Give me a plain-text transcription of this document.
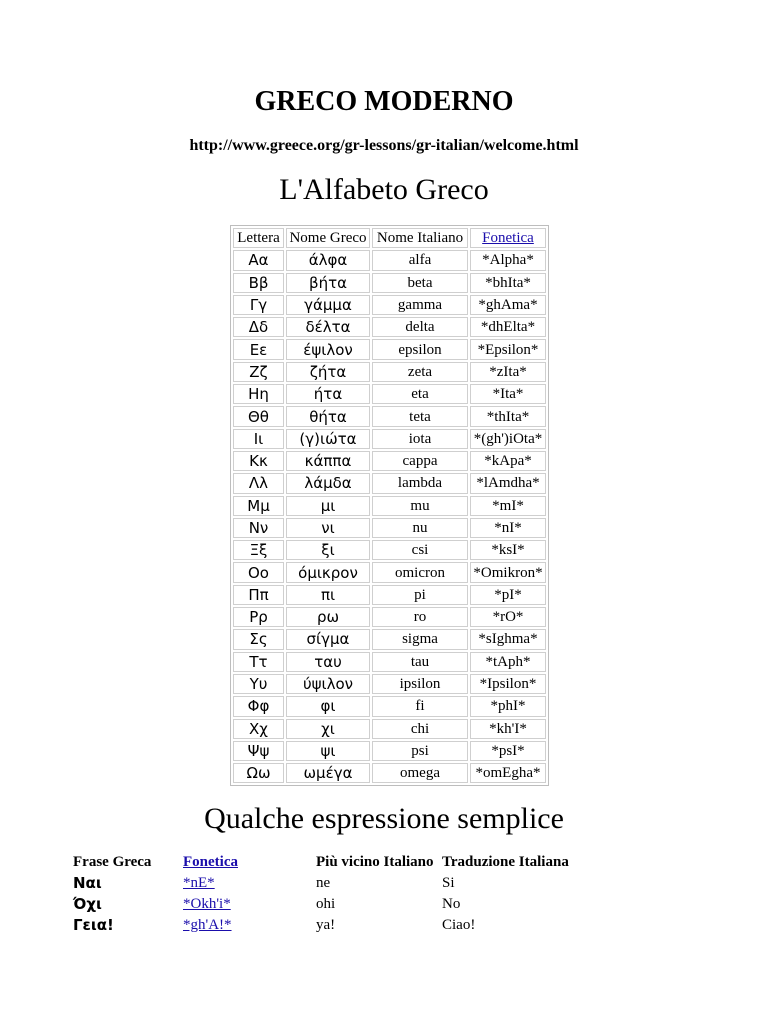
GRECO MODERNO
http://www.greece.org/gr-lessons/gr-italian/welcome.html
L'Alfabeto Greco
Lettera	Nome Greco	Nome Italiano	Fonetica
Αα	άλφα	alfa	*Alpha*
Ββ	βήτα	beta	*bhIta*
Γγ	γάμμα	gamma	*ghAma*
Δδ	δέλτα	delta	*dhElta*
Εε	έψιλον	epsilon	*Epsilon*
Ζζ	ζήτα	zeta	*zIta*
Ηη	ήτα	eta	*Ita*
Θθ	θήτα	teta	*thIta*
Ιι	(γ)ιώτα	iota	*(gh')iOta*
Κκ	κάππα	cappa	*kApa*
Λλ	λάμδα	lambda	*lAmdha*
Μμ	μι	mu	*mI*
Νν	νι	nu	*nI*
Ξξ	ξι	csi	*ksI*
Οο	όμικρον	omicron	*Omikron*
Ππ	πι	pi	*pI*
Ρρ	ρω	ro	*rO*
Σς	σίγμα	sigma	*sIghma*
Ττ	ταυ	tau	*tAph*
Υυ	ύψιλον	ipsilon	*Ipsilon*
Φφ	φι	fi	*phI*
Χχ	χι	chi	*kh'I*
Ψψ	ψι	psi	*psI*
Ωω	ωμέγα	omega	*omEgha*
Qualche espressione semplice
Frase Greca	Fonetica	Più vicino Italiano	Traduzione Italiana
Ναι	*nE*	ne	Si
Όχι	*Okh'i*	ohi	No
Γεια!	*gh'A!*	ya!	Ciao!
